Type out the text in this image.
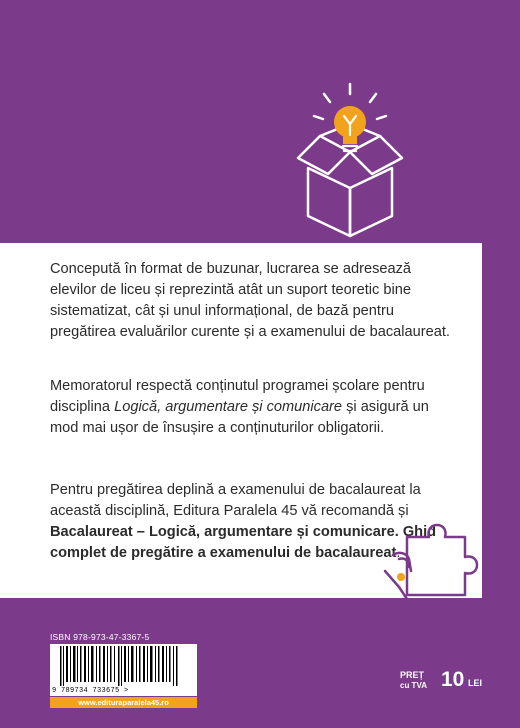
Concepută în format de buzunar, lucrarea se adresează elevilor de liceu și reprezintă atât un suport teoretic bine sistematizat, cât și unul informațional, de bază pentru pregătirea evaluărilor curente și a examenului de bacalaureat.

Memoratorul respectă conținutul programei școlare pentru disciplina Logică, argumentare și comunicare și asigură un mod mai ușor de însușire a conținuturilor obligatorii.

Pentru pregătirea deplină a examenului de bacalaureat la această disciplină, Editura Paralela 45 vă recomandă și Bacalaureat – Logică, argumentare și comunicare. Ghid complet de pregătire a examenului de bacalaureat.

ISBN 978-973-47-3367-5
9 789734 733675 >
www.edituraparalela45.ro
PREȚ
cu TVA 10 LEI
